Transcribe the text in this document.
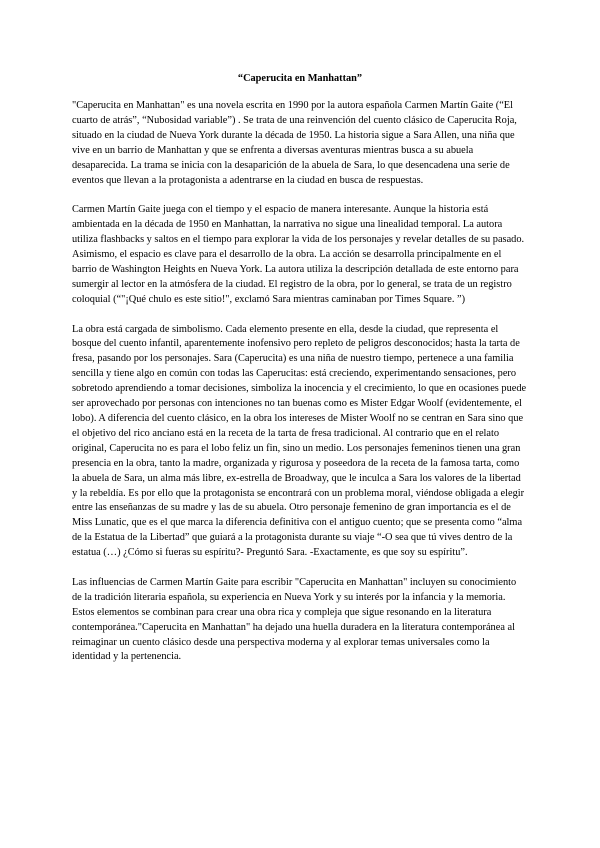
“Caperucita en Manhattan”

"Caperucita en Manhattan" es una novela escrita en 1990 por la autora española Carmen Martín Gaite (“El cuarto de atrás”, “Nubosidad variable”) . Se trata de una reinvención del cuento clásico de Caperucita Roja, situado en la ciudad de Nueva York durante la década de 1950. La historia sigue a Sara Allen, una niña que vive en un barrio de Manhattan y que se enfrenta a diversas aventuras mientras busca a su abuela desaparecida. La trama se inicia con la desaparición de la abuela de Sara, lo que desencadena una serie de eventos que llevan a la protagonista a adentrarse en la ciudad en busca de respuestas.

Carmen Martín Gaite juega con el tiempo y el espacio de manera interesante. Aunque la historia está ambientada en la década de 1950 en Manhattan, la narrativa no sigue una linealidad temporal. La autora utiliza flashbacks y saltos en el tiempo para explorar la vida de los personajes y revelar detalles de su pasado. Asimismo, el espacio es clave para el desarrollo de la obra. La acción se desarrolla principalmente en el barrio de Washington Heights en Nueva York. La autora utiliza la descripción detallada de este entorno para sumergir al lector en la atmósfera de la ciudad. El registro de la obra, por lo general, se trata de un registro coloquial (“"¡Qué chulo es este sitio!", exclamó Sara mientras caminaban por Times Square. ”)

La obra está cargada de simbolismo. Cada elemento presente en ella, desde la ciudad, que representa el bosque del cuento infantil, aparentemente inofensivo pero repleto de peligros desconocidos; hasta la tarta de fresa, pasando por los personajes. Sara (Caperucita) es una niña de nuestro tiempo, pertenece a una familia sencilla y tiene algo en común con todas las Caperucitas: está creciendo, experimentando sensaciones, pero sobretodo aprendiendo a tomar decisiones, simboliza la inocencia y el crecimiento, lo que en ocasiones puede ser aprovechado por personas con intenciones no tan buenas como es Mister Edgar Woolf (evidentemente, el lobo). A diferencia del cuento clásico, en la obra los intereses de Mister Woolf no se centran en Sara sino que el objetivo del rico anciano está en la receta de la tarta de fresa tradicional. Al contrario que en el relato original, Caperucita no es para el lobo feliz un fin, sino un medio. Los personajes femeninos tienen una gran presencia en la obra, tanto la madre, organizada y rigurosa y poseedora de la receta de la famosa tarta, como la abuela de Sara, un alma más libre, ex-estrella de Broadway, que le inculca a Sara los valores de la libertad y la rebeldía. Es por ello que la protagonista se encontrará con un problema moral, viéndose obligada a elegir entre las enseñanzas de su madre y las de su abuela. Otro personaje femenino de gran importancia es el de Miss Lunatic, que es el que marca la diferencia definitiva con el antiguo cuento; que se presenta como “alma de la Estatua de la Libertad” que guiará a la protagonista durante su viaje “-O sea que tú vives dentro de la estatua (…) ¿Cómo si fueras su espíritu?- Preguntó Sara. -Exactamente, es que soy su espíritu”.

Las influencias de Carmen Martín Gaite para escribir "Caperucita en Manhattan" incluyen su conocimiento de la tradición literaria española, su experiencia en Nueva York y su interés por la infancia y la memoria. Estos elementos se combinan para crear una obra rica y compleja que sigue resonando en la literatura contemporánea."Caperucita en Manhattan" ha dejado una huella duradera en la literatura contemporánea al reimaginar un cuento clásico desde una perspectiva moderna y al explorar temas universales como la identidad y la pertenencia.
